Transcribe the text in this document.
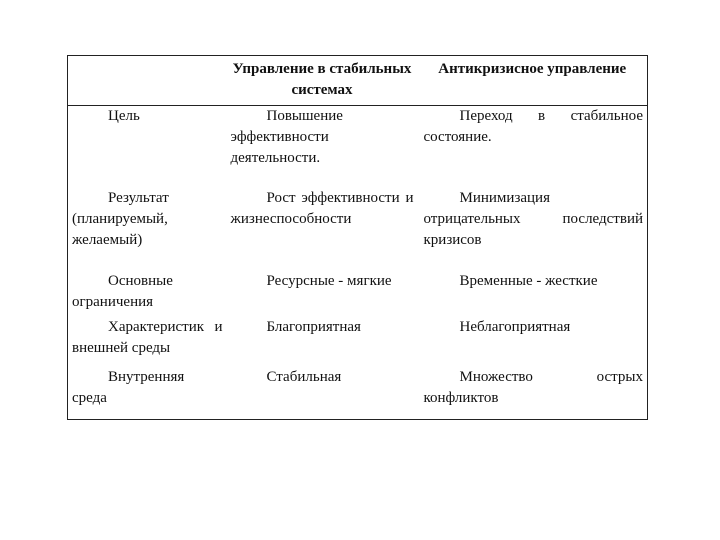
	Управление в стабильных системах	Антикризисное управление

Цель	Повышение эффективности деятельности.	Переход в стабильное состояние.

Результат (планируемый, желаемый)	Рост эффективности и жизнеспособности	Минимизация отрицательных последствий кризисов

Основные ограничения	Ресурсные - мягкие	Временные - жесткие

Характеристик и внешней среды	Благоприятная	Неблагоприятная

Внутренняя среда	Стабильная	Множество острых конфликтов
